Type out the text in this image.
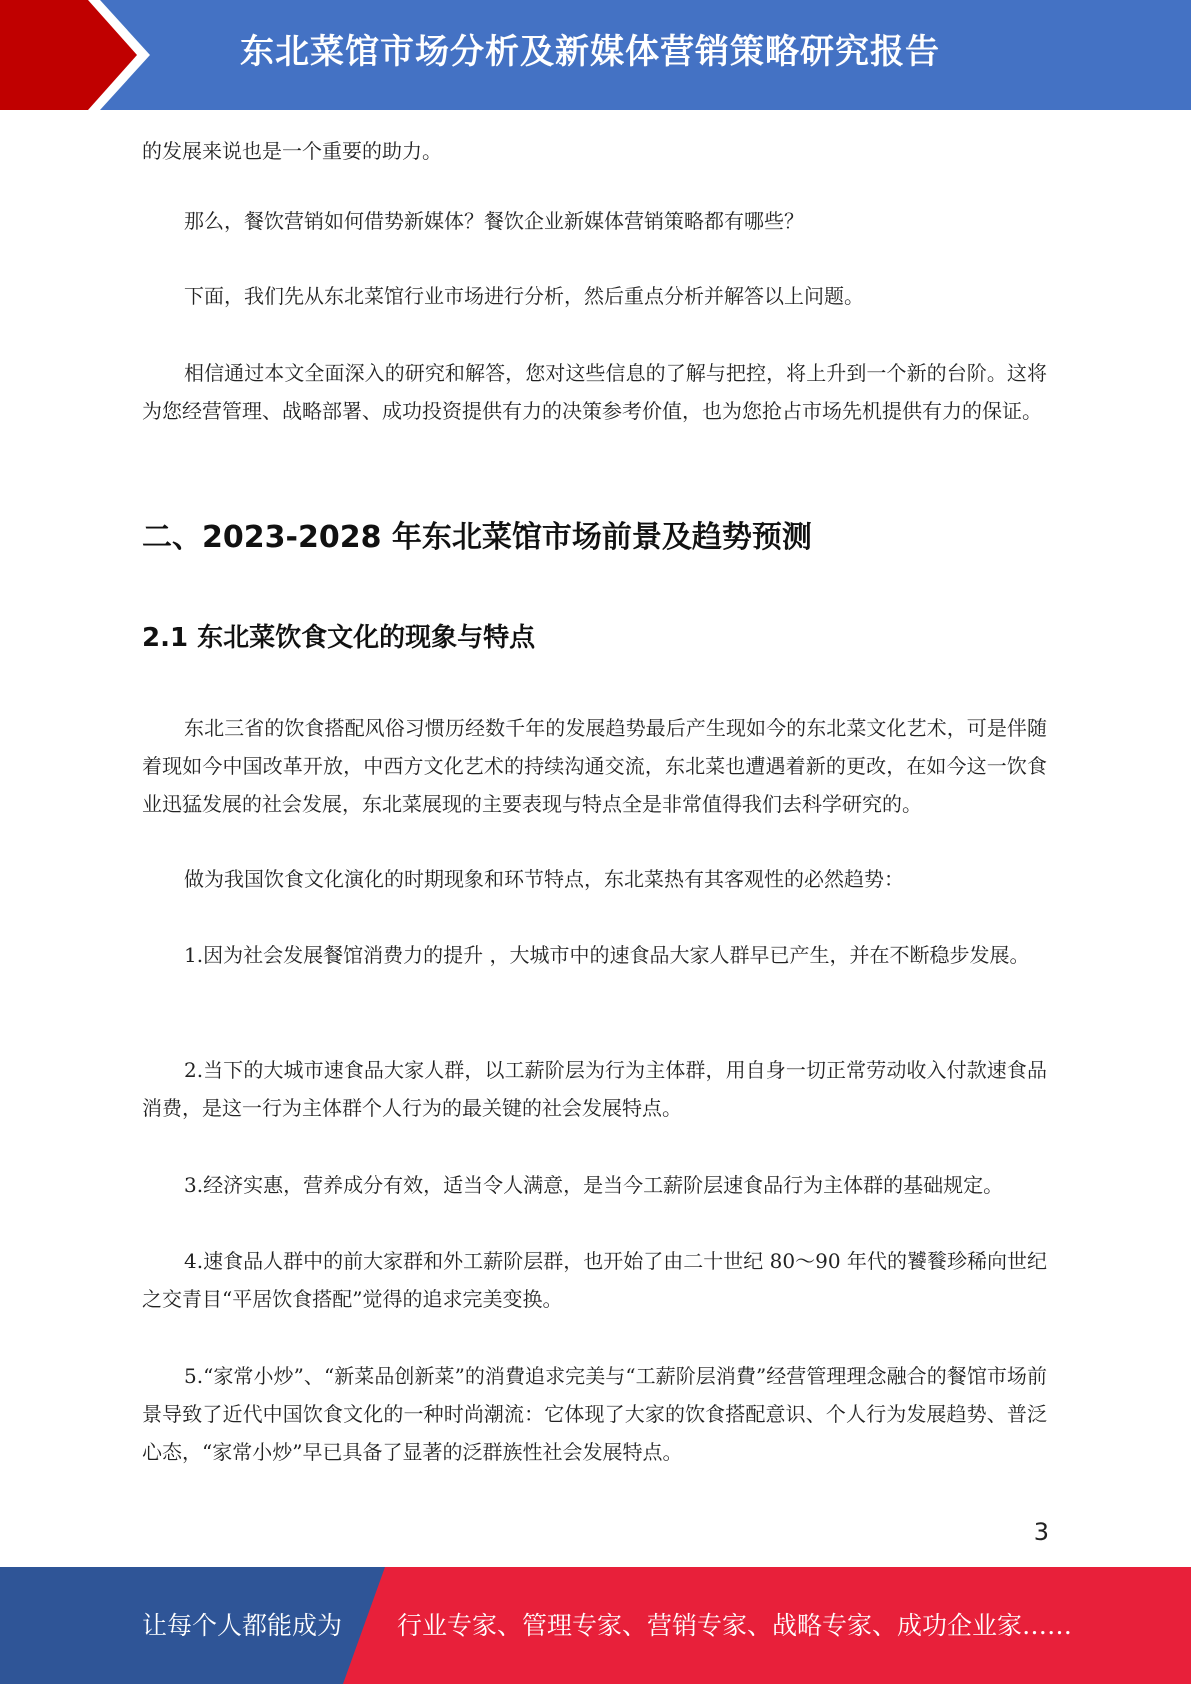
东北菜馆市场分析及新媒体营销策略研究报告
的发展来说也是一个重要的助力。
那么，餐饮营销如何借势新媒体？餐饮企业新媒体营销策略都有哪些？
下面，我们先从东北菜馆行业市场进行分析，然后重点分析并解答以上问题。
相信通过本文全面深入的研究和解答，您对这些信息的了解与把控，将上升到一个新的台阶。这将为您经营管理、战略部署、成功投资提供有力的决策参考价值，也为您抢占市场先机提供有力的保证。
二、2023-2028 年东北菜馆市场前景及趋势预测
2.1 东北菜饮食文化的现象与特点
东北三省的饮食搭配风俗习惯历经数千年的发展趋势最后产生现如今的东北菜文化艺术，可是伴随着现如今中国改革开放，中西方文化艺术的持续沟通交流，东北菜也遭遇着新的更改，在如今这一饮食业迅猛发展的社会发展，东北菜展现的主要表现与特点全是非常值得我们去科学研究的。
做为我国饮食文化演化的时期现象和环节特点，东北菜热有其客观性的必然趋势：
1.因为社会发展餐馆消费力的提升 ，大城市中的速食品大家人群早已产生，并在不断稳步发展。
2.当下的大城市速食品大家人群，以工薪阶层为行为主体群，用自身一切正常劳动收入付款速食品消费，是这一行为主体群个人行为的最关键的社会发展特点。
3.经济实惠，营养成分有效，适当令人满意，是当今工薪阶层速食品行为主体群的基础规定。
4.速食品人群中的前大家群和外工薪阶层群，也开始了由二十世纪 80～90 年代的饕餮珍稀向世纪之交青目“平居饮食搭配”觉得的追求完美变换。
5.“家常小炒”、“新菜品创新菜”的消費追求完美与“工薪阶层消費”经营管理理念融合的餐馆市场前景导致了近代中国饮食文化的一种时尚潮流：它体现了大家的饮食搭配意识、个人行为发展趋势、普泛心态，“家常小炒”早已具备了显著的泛群族性社会发展特点。
3
让每个人都能成为 行业专家、管理专家、营销专家、战略专家、成功企业家……
